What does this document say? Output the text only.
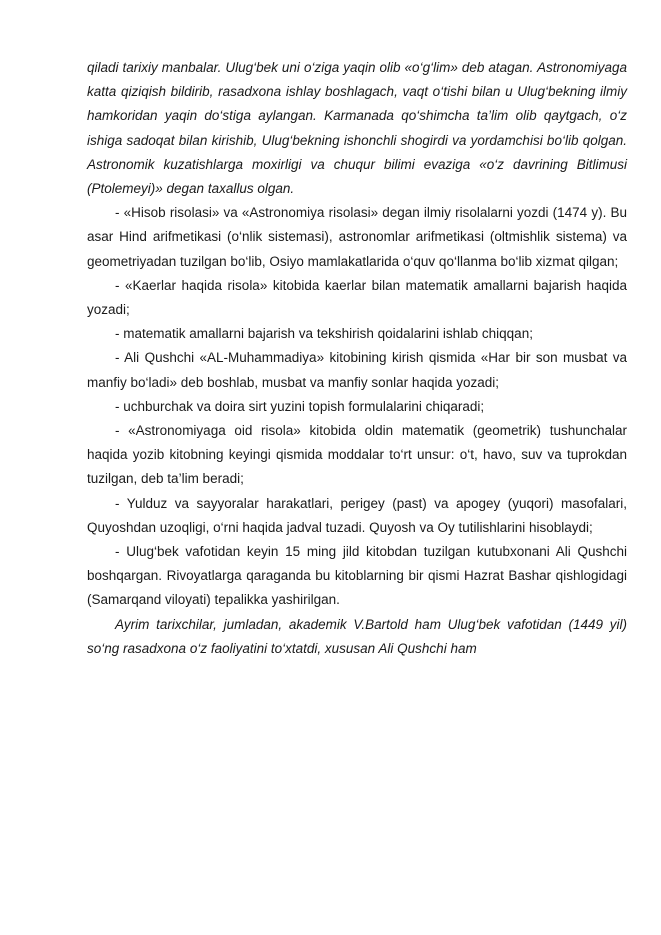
qiladi tarixiy manbalar. Ulug‘bek uni o‘ziga yaqin olib «o‘g‘lim» deb atagan. Astronomiyaga katta qiziqish bildirib, rasadxona ishlay boshlagach, vaqt o‘tishi bilan u Ulug‘bekning ilmiy hamkoridan yaqin do‘stiga aylangan. Karmanada qo‘shimcha ta’lim olib qaytgach, o‘z ishiga sadoqat bilan kirishib, Ulug‘bekning ishonchli shogirdi va yordamchisi bo‘lib qolgan. Astronomik kuzatishlarga moxirligi va chuqur bilimi evaziga «o‘z davrining Bitlimusi (Ptolemeyi)» degan taxallus olgan.

- «Hisob risolasi» va «Astronomiya risolasi» degan ilmiy risolalarni yozdi (1474 y). Bu asar Hind arifmetikasi (o‘nlik sistemasi), astronomlar arifmetikasi (oltmishlik sistema) va geometriyadan tuzilgan bo‘lib, Osiyo mamlakatlarida o‘quv qo‘llanma bo‘lib xizmat qilgan;

- «Kaerlar haqida risola» kitobida kaerlar bilan matematik amallarni bajarish haqida yozadi;

- matematik amallarni bajarish va tekshirish qoidalarini ishlab chiqqan;

- Ali Qushchi «AL-Muhammadiya» kitobining kirish qismida «Har bir son musbat va manfiy bo‘ladi» deb boshlab, musbat va manfiy sonlar haqida yozadi;

- uchburchak va doira sirt yuzini topish formulalarini chiqaradi;

- «Astronomiyaga oid risola» kitobida oldin matematik (geometrik) tushunchalar haqida yozib kitobning keyingi qismida moddalar to‘rt unsur: o‘t, havo, suv va tuprokdan tuzilgan, deb ta’lim beradi;

- Yulduz va sayyoralar harakatlari, perigey (past) va apogey (yuqori) masofalari, Quyoshdan uzoqligi, o‘rni haqida jadval tuzadi. Quyosh va Oy tutilishlarini hisoblaydi;

- Ulug‘bek vafotidan keyin 15 ming jild kitobdan tuzilgan kutubxonani Ali Qushchi boshqargan. Rivoyatlarga qaraganda bu kitoblarning bir qismi Hazrat Bashar qishlogidagi (Samarqand viloyati) tepalikka yashirilgan.

Ayrim tarixchilar, jumladan, akademik V.Bartold ham Ulug‘bek vafotidan (1449 yil) so‘ng rasadxona o‘z faoliyatini to‘xtatdi, xususan Ali Qushchi ham
